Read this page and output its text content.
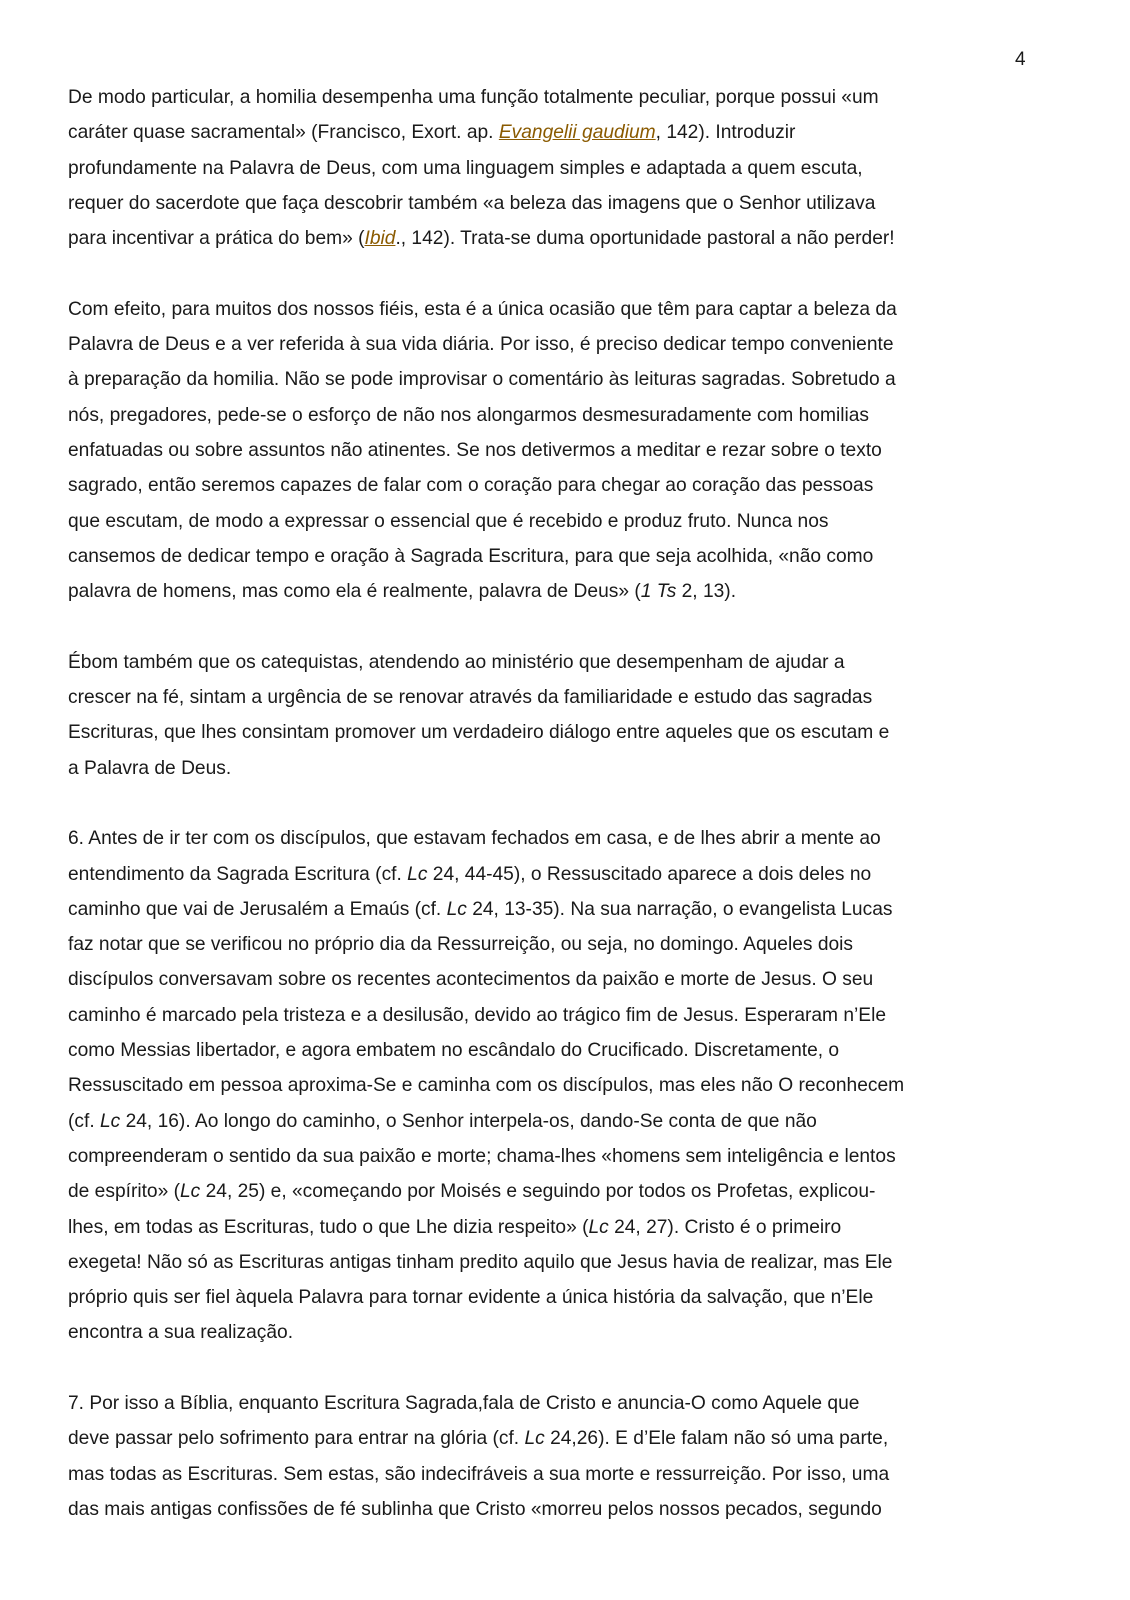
4
De modo particular, a homilia desempenha uma função totalmente peculiar, porque possui «um
caráter quase sacramental» (Francisco, Exort. ap. Evangelii gaudium, 142). Introduzir
profundamente na Palavra de Deus, com uma linguagem simples e adaptada a quem escuta,
requer do sacerdote que faça descobrir também «a beleza das imagens que o Senhor utilizava
para incentivar a prática do bem» (Ibid., 142). Trata-se duma oportunidade pastoral a não perder!
Com efeito, para muitos dos nossos fiéis, esta é a única ocasião que têm para captar a beleza da
Palavra de Deus e a ver referida à sua vida diária. Por isso, é preciso dedicar tempo conveniente
à preparação da homilia. Não se pode improvisar o comentário às leituras sagradas. Sobretudo a
nós, pregadores, pede-se o esforço de não nos alongarmos desmesuradamente com homilias
enfatuadas ou sobre assuntos não atinentes. Se nos detivermos a meditar e rezar sobre o texto
sagrado, então seremos capazes de falar com o coração para chegar ao coração das pessoas
que escutam, de modo a expressar o essencial que é recebido e produz fruto. Nunca nos
cansemos de dedicar tempo e oração à Sagrada Escritura, para que seja acolhida, «não como
palavra de homens, mas como ela é realmente, palavra de Deus» (1 Ts 2, 13).
Ébom também que os catequistas, atendendo ao ministério que desempenham de ajudar a
crescer na fé, sintam a urgência de se renovar através da familiaridade e estudo das sagradas
Escrituras, que lhes consintam promover um verdadeiro diálogo entre aqueles que os escutam e
a Palavra de Deus.
6. Antes de ir ter com os discípulos, que estavam fechados em casa, e de lhes abrir a mente ao
entendimento da Sagrada Escritura (cf. Lc 24, 44-45), o Ressuscitado aparece a dois deles no
caminho que vai de Jerusalém a Emaús (cf. Lc 24, 13-35). Na sua narração, o evangelista Lucas
faz notar que se verificou no próprio dia da Ressurreição, ou seja, no domingo. Aqueles dois
discípulos conversavam sobre os recentes acontecimentos da paixão e morte de Jesus. O seu
caminho é marcado pela tristeza e a desilusão, devido ao trágico fim de Jesus. Esperaram n’Ele
como Messias libertador, e agora embatem no escândalo do Crucificado. Discretamente, o
Ressuscitado em pessoa aproxima-Se e caminha com os discípulos, mas eles não O reconhecem
(cf. Lc 24, 16). Ao longo do caminho, o Senhor interpela-os, dando-Se conta de que não
compreenderam o sentido da sua paixão e morte; chama-lhes «homens sem inteligência e lentos
de espírito» (Lc 24, 25) e, «começando por Moisés e seguindo por todos os Profetas, explicou-
lhes, em todas as Escrituras, tudo o que Lhe dizia respeito» (Lc 24, 27). Cristo é o primeiro
exegeta! Não só as Escrituras antigas tinham predito aquilo que Jesus havia de realizar, mas Ele
próprio quis ser fiel àquela Palavra para tornar evidente a única história da salvação, que n’Ele
encontra a sua realização.
7. Por isso a Bíblia, enquanto Escritura Sagrada,fala de Cristo e anuncia-O como Aquele que
deve passar pelo sofrimento para entrar na glória (cf. Lc 24,26). E d’Ele falam não só uma parte,
mas todas as Escrituras. Sem estas, são indecifráveis a sua morte e ressurreição. Por isso, uma
das mais antigas confissões de fé sublinha que Cristo «morreu pelos nossos pecados, segundo
